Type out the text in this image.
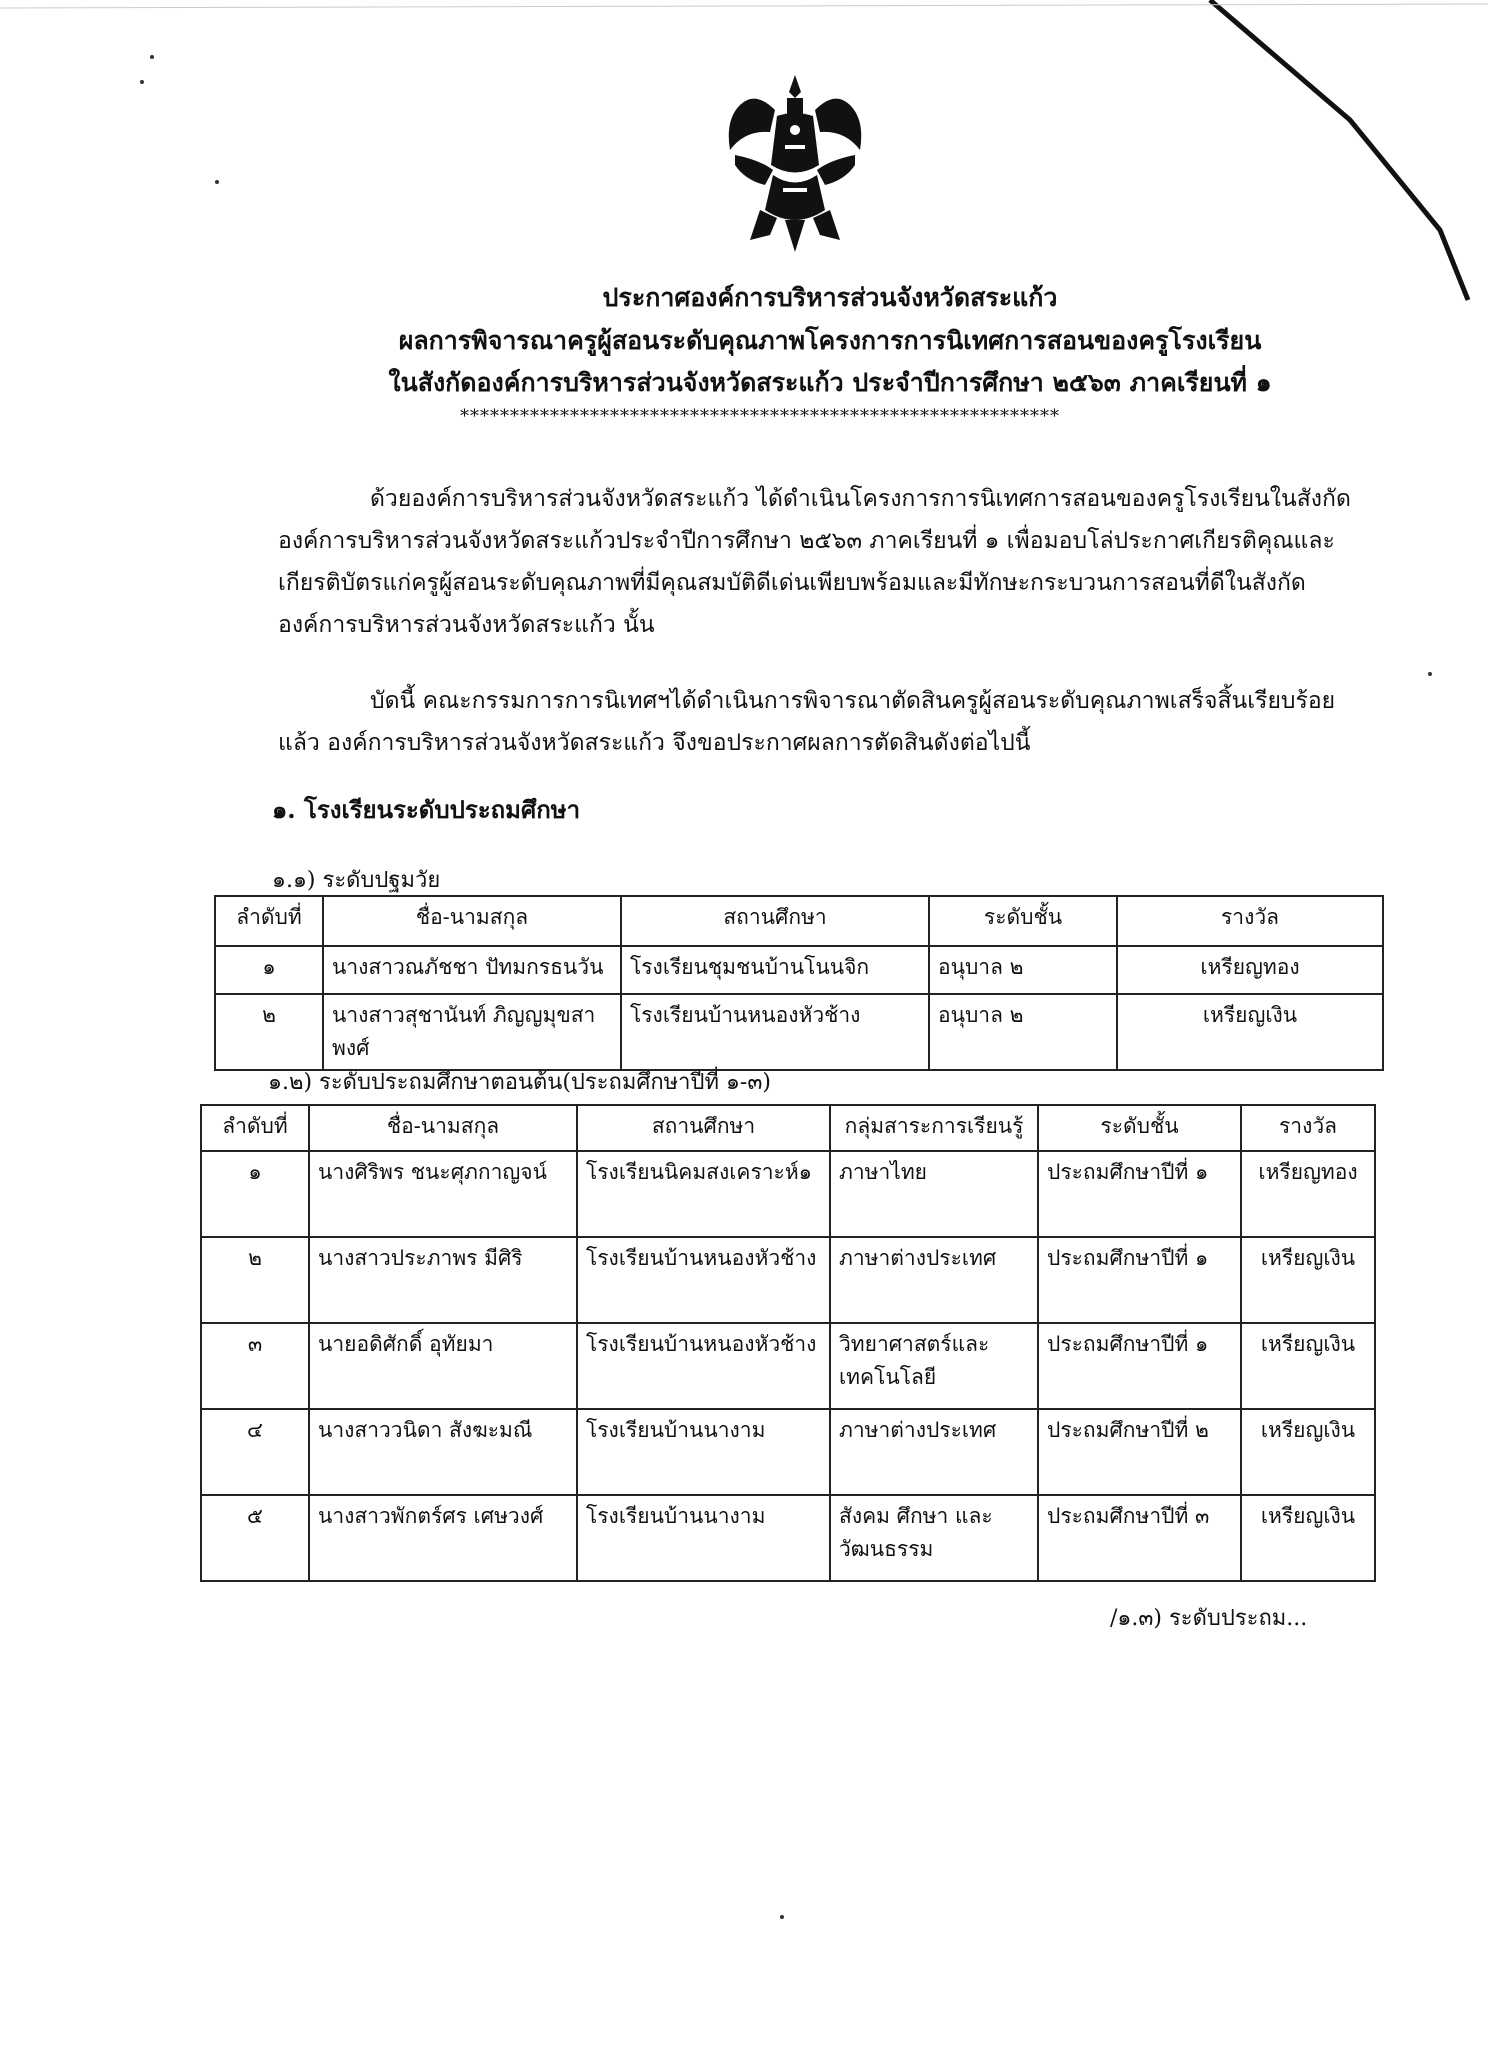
ประกาศองค์การบริหารส่วนจังหวัดสระแก้ว
ผลการพิจารณาครูผู้สอนระดับคุณภาพโครงการการนิเทศการสอนของครูโรงเรียน
ในสังกัดองค์การบริหารส่วนจังหวัดสระแก้ว ประจำปีการศึกษา ๒๕๖๓ ภาคเรียนที่ ๑
************************************************************
ด้วยองค์การบริหารส่วนจังหวัดสระแก้ว ได้ดำเนินโครงการการนิเทศการสอนของครูโรงเรียนในสังกัดองค์การบริหารส่วนจังหวัดสระแก้วประจำปีการศึกษา ๒๕๖๓ ภาคเรียนที่ ๑ เพื่อมอบโล่ประกาศเกียรติคุณและเกียรติบัตรแก่ครูผู้สอนระดับคุณภาพที่มีคุณสมบัติดีเด่นเพียบพร้อมและมีทักษะกระบวนการสอนที่ดีในสังกัดองค์การบริหารส่วนจังหวัดสระแก้ว นั้น
บัดนี้ คณะกรรมการการนิเทศฯได้ดำเนินการพิจารณาตัดสินครูผู้สอนระดับคุณภาพเสร็จสิ้นเรียบร้อยแล้ว องค์การบริหารส่วนจังหวัดสระแก้ว จึงขอประกาศผลการตัดสินดังต่อไปนี้
๑. โรงเรียนระดับประถมศึกษา
๑.๑) ระดับปฐมวัย
ลำดับที่	ชื่อ-นามสกุล	สถานศึกษา	ระดับชั้น	รางวัล
๑	นางสาวณภัชชา ปัทมกรธนวัน	โรงเรียนชุมชนบ้านโนนจิก	อนุบาล ๒	เหรียญทอง
๒	นางสาวสุชานันท์ ภิญญมุขสาพงศ์	โรงเรียนบ้านหนองหัวช้าง	อนุบาล ๒	เหรียญเงิน
๑.๒) ระดับประถมศึกษาตอนต้น(ประถมศึกษาปีที่ ๑-๓)
ลำดับที่	ชื่อ-นามสกุล	สถานศึกษา	กลุ่มสาระการเรียนรู้	ระดับชั้น	รางวัล
๑	นางศิริพร ชนะศุภกาญจน์	โรงเรียนนิคมสงเคราะห์๑	ภาษาไทย	ประถมศึกษาปีที่ ๑	เหรียญทอง
๒	นางสาวประภาพร มีศิริ	โรงเรียนบ้านหนองหัวช้าง	ภาษาต่างประเทศ	ประถมศึกษาปีที่ ๑	เหรียญเงิน
๓	นายอดิศักดิ์ อุทัยมา	โรงเรียนบ้านหนองหัวช้าง	วิทยาศาสตร์และเทคโนโลยี	ประถมศึกษาปีที่ ๑	เหรียญเงิน
๔	นางสาววนิดา สังฆะมณี	โรงเรียนบ้านนางาม	ภาษาต่างประเทศ	ประถมศึกษาปีที่ ๒	เหรียญเงิน
๕	นางสาวพักตร์ศร เศษวงศ์	โรงเรียนบ้านนางาม	สังคม ศึกษา และวัฒนธรรม	ประถมศึกษาปีที่ ๓	เหรียญเงิน
/๑.๓) ระดับประถม...
